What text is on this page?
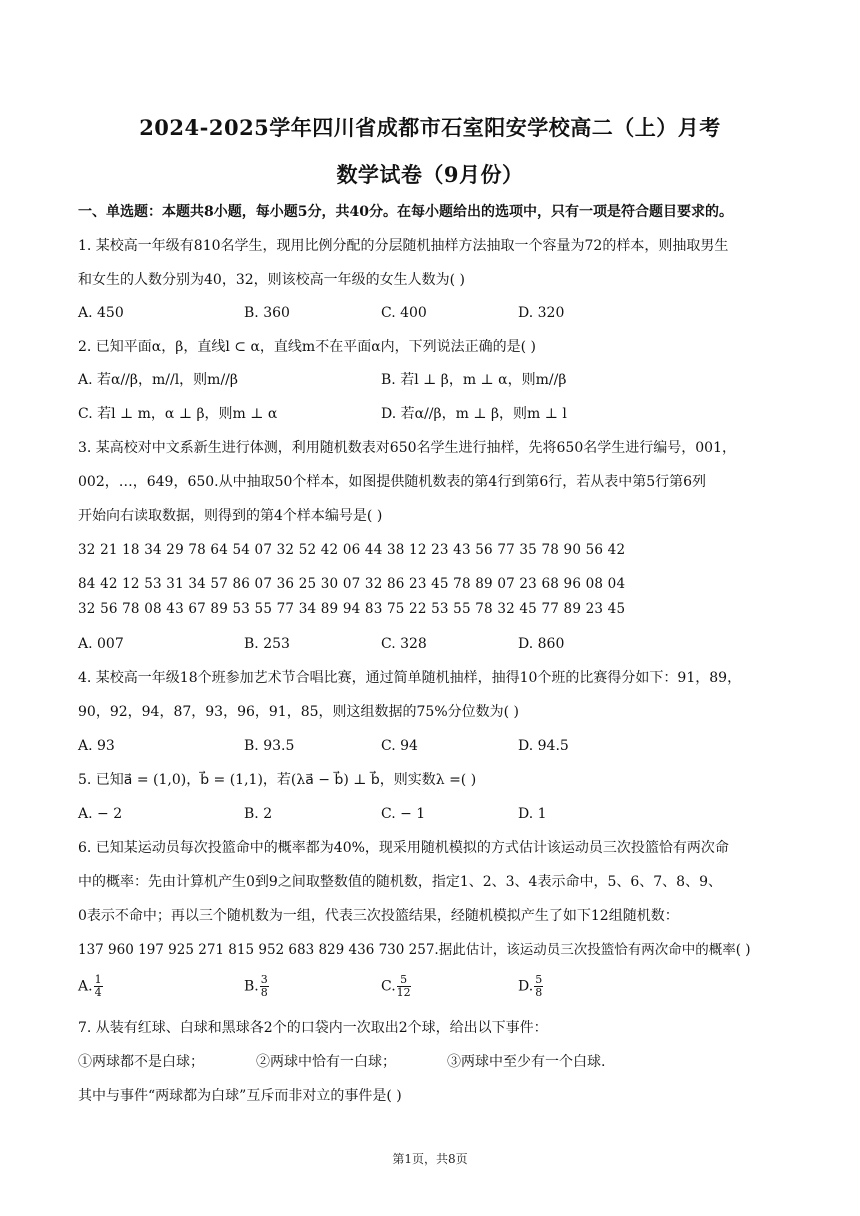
2024-2025学年四川省成都市石室阳安学校高二（上）月考
数学试卷（9月份）
一、单选题：本题共8小题，每小题5分，共40分。在每小题给出的选项中，只有一项是符合题目要求的。
1. 某校高一年级有810名学生，现用比例分配的分层随机抽样方法抽取一个容量为72的样本，则抽取男生
和女生的人数分别为40，32，则该校高一年级的女生人数为( )
A. 450	B. 360	C. 400	D. 320
2. 已知平面α，β，直线l ⊂ α，直线m不在平面α内，下列说法正确的是( )
A. 若α//β，m//l，则m//β	B. 若l ⊥ β，m ⊥ α，则m//β
C. 若l ⊥ m，α ⊥ β，则m ⊥ α	D. 若α//β，m ⊥ β，则m ⊥ l
3. 某高校对中文系新生进行体测，利用随机数表对650名学生进行抽样，先将650名学生进行编号，001，
002，…，649，650.从中抽取50个样本，如图提供随机数表的第4行到第6行，若从表中第5行第6列
开始向右读取数据，则得到的第4个样本编号是( )
32 21 18 34 29 78 64 54 07 32 52 42 06 44 38 12 23 43 56 77 35 78 90 56 42
84 42 12 53 31 34 57 86 07 36 25 30 07 32 86 23 45 78 89 07 23 68 96 08 04
32 56 78 08 43 67 89 53 55 77 34 89 94 83 75 22 53 55 78 32 45 77 89 23 45
A. 007	B. 253	C. 328	D. 860
4. 某校高一年级18个班参加艺术节合唱比赛，通过简单随机抽样，抽得10个班的比赛得分如下：91，89，
90，92，94，87，93，96，91，85，则这组数据的75%分位数为( )
A. 93	B. 93.5	C. 94	D. 94.5
5. 已知a⃗ = (1,0)，b⃗ = (1,1)，若(λa⃗ − b⃗) ⊥ b⃗，则实数λ =( )
A. − 2	B. 2	C. − 1	D. 1
6. 已知某运动员每次投篮命中的概率都为40%，现采用随机模拟的方式估计该运动员三次投篮恰有两次命
中的概率：先由计算机产生0到9之间取整数值的随机数，指定1、2、3、4表示命中，5、6、7、8、9、
0表示不命中；再以三个随机数为一组，代表三次投篮结果，经随机模拟产生了如下12组随机数：
137 960 197 925 271 815 952 683 829 436 730 257.据此估计，该运动员三次投篮恰有两次命中的概率( )
A. $\frac{1}{4}$	B. $\frac{3}{8}$	C. $\frac{5}{12}$	D. $\frac{5}{8}$
7. 从装有红球、白球和黑球各2个的口袋内一次取出2个球，给出以下事件：
①两球都不是白球；	②两球中恰有一白球；	③两球中至少有一个白球.
其中与事件“两球都为白球”互斥而非对立的事件是( )
第1页，共8页
